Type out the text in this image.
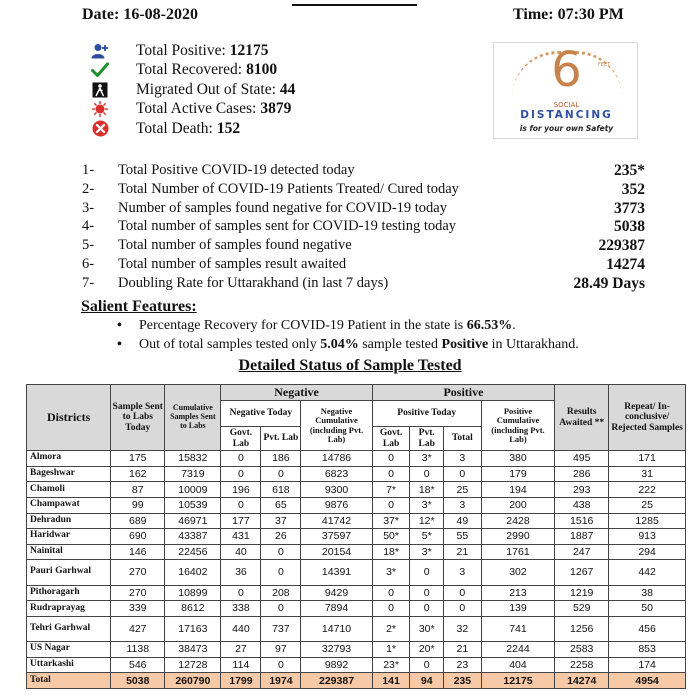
Date: 16-08-2020	Time: 07:30 PM
Total Positive: 12175
Total Recovered: 8100
Migrated Out of State: 44
Total Active Cases: 3879
Total Death: 152
6	FEET
SOCIAL
DISTANCING
is for your own Safety
1- Total Positive COVID-19 detected today	235*
2- Total Number of COVID-19 Patients Treated/ Cured today	352
3- Number of samples found negative for COVID-19 today	3773
4- Total number of samples sent for COVID-19 testing today	5038
5- Total number of samples found negative	229387
6- Total number of samples result awaited	14274
7- Doubling Rate for Uttarakhand (in last 7 days)	28.49 Days
Salient Features:
• Percentage Recovery for COVID-19 Patient in the state is 66.53%.
• Out of total samples tested only 5.04% sample tested Positive in Uttarakhand.
Detailed Status of Sample Tested
Districts	Sample Sent to Labs Today	Cumulative Samples Sent to Labs	Negative			Positive				Results Awaited **	Repeat/ In-conclusive/ Rejected Samples
			Negative Today		Negative Cumulative (including Pvt. Lab)	Positive Today			Positive Cumulative (including Pvt. Lab)		
			Govt. Lab	Pvt. Lab		Govt. Lab	Pvt. Lab	Total			
Almora	175	15832	0	186	14786	0	3*	3	380	495	171
Bageshwar	162	7319	0	0	6823	0	0	0	179	286	31
Chamoli	87	10009	196	618	9300	7*	18*	25	194	293	222
Champawat	99	10539	0	65	9876	0	3*	3	200	438	25
Dehradun	689	46971	177	37	41742	37*	12*	49	2428	1516	1285
Haridwar	690	43387	431	26	37597	50*	5*	55	2990	1887	913
Nainital	146	22456	40	0	20154	18*	3*	21	1761	247	294
Pauri Garhwal	270	16402	36	0	14391	3*	0	3	302	1267	442
Pithoragarh	270	10899	0	208	9429	0	0	0	213	1219	38
Rudraprayag	339	8612	338	0	7894	0	0	0	139	529	50
Tehri Garhwal	427	17163	440	737	14710	2*	30*	32	741	1256	456
US Nagar	1138	38473	27	97	32793	1*	20*	21	2244	2583	853
Uttarkashi	546	12728	114	0	9892	23*	0	23	404	2258	174
Total	5038	260790	1799	1974	229387	141	94	235	12175	14274	4954
